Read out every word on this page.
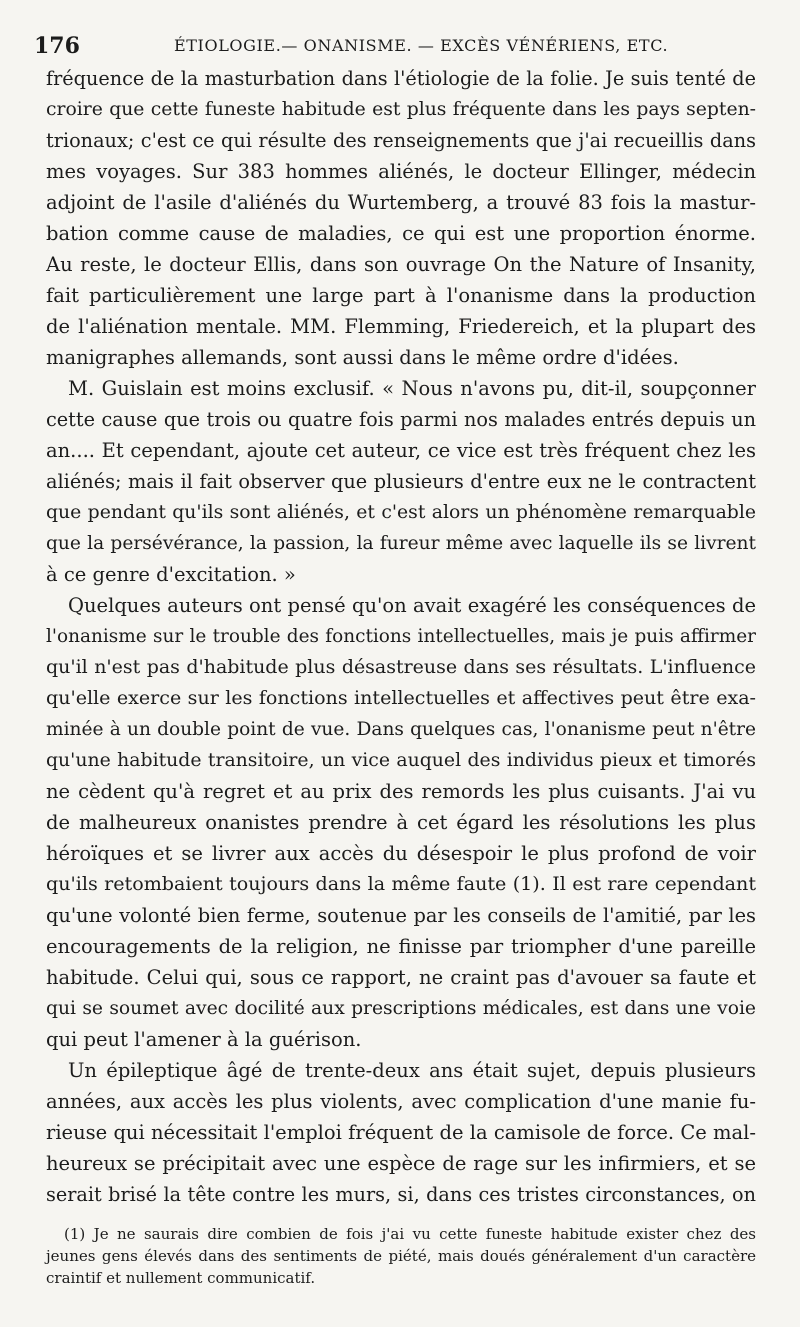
176	ÉTIOLOGIE.— ONANISME. — EXCÈS VÉNÉRIENS, ETC.
fréquence de la masturbation dans l'étiologie de la folie. Je suis tenté de
croire que cette funeste habitude est plus fréquente dans les pays septen-
trionaux; c'est ce qui résulte des renseignements que j'ai recueillis dans
mes voyages. Sur 383 hommes aliénés, le docteur Ellinger, médecin
adjoint de l'asile d'aliénés du Wurtemberg, a trouvé 83 fois la mastur-
bation comme cause de maladies, ce qui est une proportion énorme.
Au reste, le docteur Ellis, dans son ouvrage On the Nature of Insanity,
fait particulièrement une large part à l'onanisme dans la production
de l'aliénation mentale. MM. Flemming, Friedereich, et la plupart des
manigraphes allemands, sont aussi dans le même ordre d'idées.
M. Guislain est moins exclusif. « Nous n'avons pu, dit-il, soupçonner
cette cause que trois ou quatre fois parmi nos malades entrés depuis un
an.... Et cependant, ajoute cet auteur, ce vice est très fréquent chez les
aliénés; mais il fait observer que plusieurs d'entre eux ne le contractent
que pendant qu'ils sont aliénés, et c'est alors un phénomène remarquable
que la persévérance, la passion, la fureur même avec laquelle ils se livrent
à ce genre d'excitation. »
Quelques auteurs ont pensé qu'on avait exagéré les conséquences de
l'onanisme sur le trouble des fonctions intellectuelles, mais je puis affirmer
qu'il n'est pas d'habitude plus désastreuse dans ses résultats. L'influence
qu'elle exerce sur les fonctions intellectuelles et affectives peut être exa-
minée à un double point de vue. Dans quelques cas, l'onanisme peut n'être
qu'une habitude transitoire, un vice auquel des individus pieux et timorés
ne cèdent qu'à regret et au prix des remords les plus cuisants. J'ai vu
de malheureux onanistes prendre à cet égard les résolutions les plus
héroïques et se livrer aux accès du désespoir le plus profond de voir
qu'ils retombaient toujours dans la même faute (1). Il est rare cependant
qu'une volonté bien ferme, soutenue par les conseils de l'amitié, par les
encouragements de la religion, ne finisse par triompher d'une pareille
habitude. Celui qui, sous ce rapport, ne craint pas d'avouer sa faute et
qui se soumet avec docilité aux prescriptions médicales, est dans une voie
qui peut l'amener à la guérison.
Un épileptique âgé de trente-deux ans était sujet, depuis plusieurs
années, aux accès les plus violents, avec complication d'une manie fu-
rieuse qui nécessitait l'emploi fréquent de la camisole de force. Ce mal-
heureux se précipitait avec une espèce de rage sur les infirmiers, et se
serait brisé la tête contre les murs, si, dans ces tristes circonstances, on
(1) Je ne saurais dire combien de fois j'ai vu cette funeste habitude exister chez des
jeunes gens élevés dans des sentiments de piété, mais doués généralement d'un caractère
craintif et nullement communicatif.
